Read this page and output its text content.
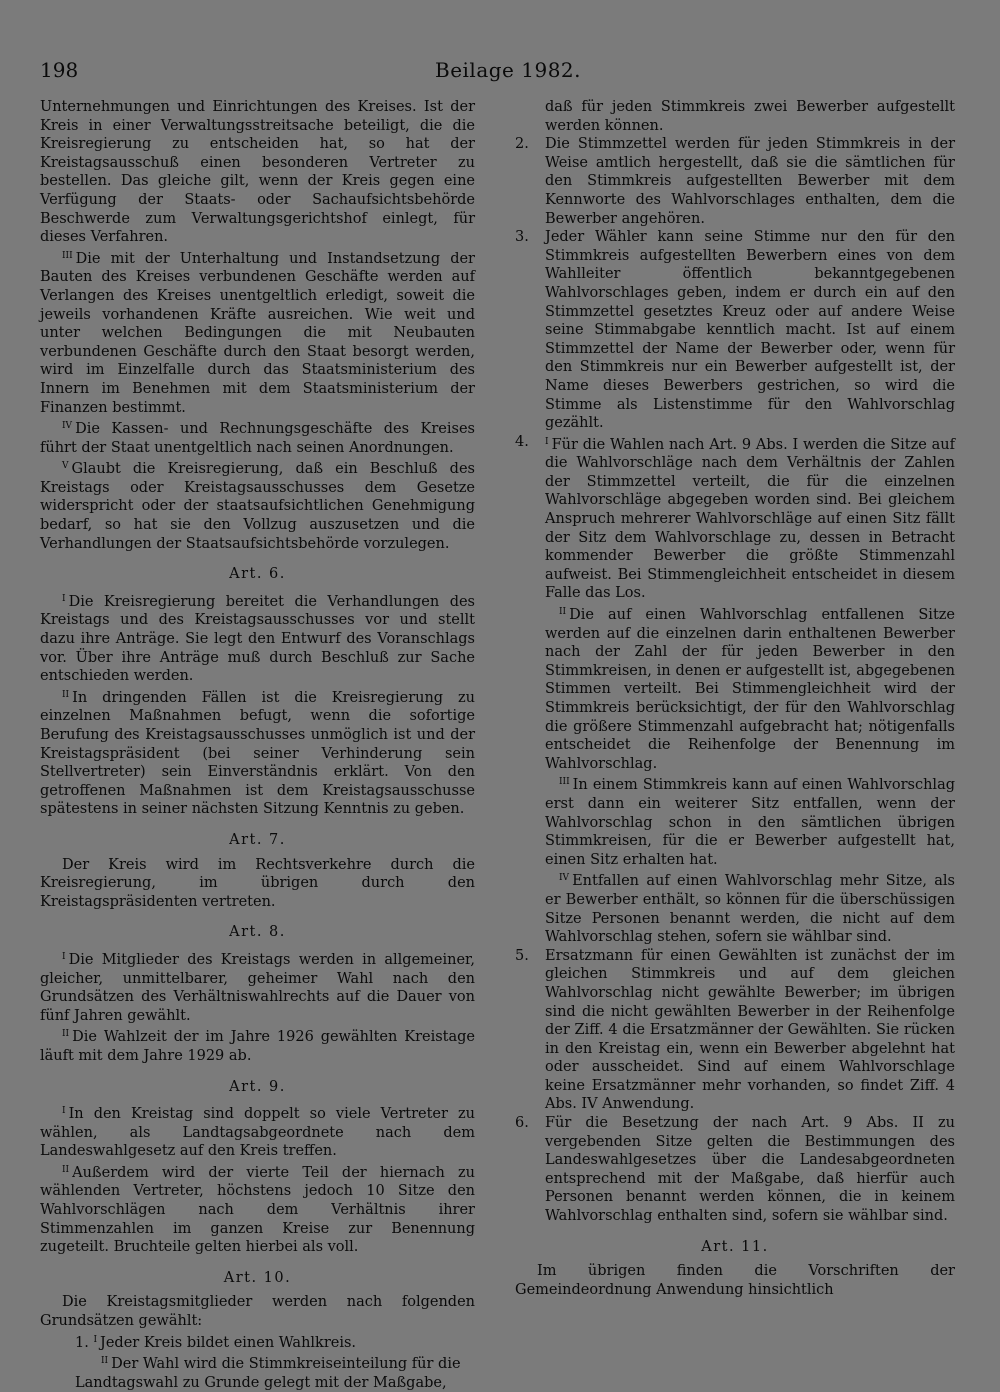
198	Beilage 1982.

Unternehmungen und Einrichtungen des Kreises. Ist der Kreis in einer Verwaltungsstreitsache beteiligt, die die Kreisregierung zu entscheiden hat, so hat der Kreistagsausschuß einen besonderen Vertreter zu bestellen. Das gleiche gilt, wenn der Kreis gegen eine Verfügung der Staats- oder Sachaufsichtsbehörde Beschwerde zum Verwaltungsgerichtshof einlegt, für dieses Verfahren.

$^{III}$ Die mit der Unterhaltung und Instandsetzung der Bauten des Kreises verbundenen Geschäfte werden auf Verlangen des Kreises unentgeltlich erledigt, soweit die jeweils vorhandenen Kräfte ausreichen. Wie weit und unter welchen Bedingungen die mit Neubauten verbundenen Geschäfte durch den Staat besorgt werden, wird im Einzelfalle durch das Staatsministerium des Innern im Benehmen mit dem Staatsministerium der Finanzen bestimmt.

$^{IV}$ Die Kassen- und Rechnungsgeschäfte des Kreises führt der Staat unentgeltlich nach seinen Anordnungen.

$^V$ Glaubt die Kreisregierung, daß ein Beschluß des Kreistags oder Kreistagsausschusses dem Gesetze widerspricht oder der staatsaufsichtlichen Genehmigung bedarf, so hat sie den Vollzug auszusetzen und die Verhandlungen der Staatsaufsichtsbehörde vorzulegen.

Art. 6.

$^I$ Die Kreisregierung bereitet die Verhandlungen des Kreistags und des Kreistagsausschusses vor und stellt dazu ihre Anträge. Sie legt den Entwurf des Voranschlags vor. Über ihre Anträge muß durch Beschluß zur Sache entschieden werden.

$^{II}$ In dringenden Fällen ist die Kreisregierung zu einzelnen Maßnahmen befugt, wenn die sofortige Berufung des Kreistagsausschusses unmöglich ist und der Kreistagspräsident (bei seiner Verhinderung sein Stellvertreter) sein Einverständnis erklärt. Von den getroffenen Maßnahmen ist dem Kreistagsausschusse spätestens in seiner nächsten Sitzung Kenntnis zu geben.

Art. 7.

Der Kreis wird im Rechtsverkehre durch die Kreisregierung, im übrigen durch den Kreistagspräsidenten vertreten.

Art. 8.

$^I$ Die Mitglieder des Kreistags werden in allgemeiner, gleicher, unmittelbarer, geheimer Wahl nach den Grundsätzen des Verhältniswahlrechts auf die Dauer von fünf Jahren gewählt.

$^{II}$ Die Wahlzeit der im Jahre 1926 gewählten Kreistage läuft mit dem Jahre 1929 ab.

Art. 9.

$^I$ In den Kreistag sind doppelt so viele Vertreter zu wählen, als Landtagsabgeordnete nach dem Landeswahlgesetz auf den Kreis treffen.

$^{II}$ Außerdem wird der vierte Teil der hiernach zu wählenden Vertreter, höchstens jedoch 10 Sitze den Wahlvorschlägen nach dem Verhältnis ihrer Stimmenzahlen im ganzen Kreise zur Benennung zugeteilt. Bruchteile gelten hierbei als voll.

Art. 10.

Die Kreistagsmitglieder werden nach folgenden Grundsätzen gewählt:

1. $^I$ Jeder Kreis bildet einen Wahlkreis.

$^{II}$ Der Wahl wird die Stimmkreiseinteilung für die Landtagswahl zu Grunde gelegt mit der Maßgabe,

daß für jeden Stimmkreis zwei Bewerber aufgestellt werden können.

2. Die Stimmzettel werden für jeden Stimmkreis in der Weise amtlich hergestellt, daß sie die sämtlichen für den Stimmkreis aufgestellten Bewerber mit dem Kennworte des Wahlvorschlages enthalten, dem die Bewerber angehören.

3. Jeder Wähler kann seine Stimme nur den für den Stimmkreis aufgestellten Bewerbern eines von dem Wahlleiter öffentlich bekanntgegebenen Wahlvorschlages geben, indem er durch ein auf den Stimmzettel gesetztes Kreuz oder auf andere Weise seine Stimmabgabe kenntlich macht. Ist auf einem Stimmzettel der Name der Bewerber oder, wenn für den Stimmkreis nur ein Bewerber aufgestellt ist, der Name dieses Bewerbers gestrichen, so wird die Stimme als Listenstimme für den Wahlvorschlag gezählt.

4. $^I$ Für die Wahlen nach Art. 9 Abs. I werden die Sitze auf die Wahlvorschläge nach dem Verhältnis der Zahlen der Stimmzettel verteilt, die für die einzelnen Wahlvorschläge abgegeben worden sind. Bei gleichem Anspruch mehrerer Wahlvorschläge auf einen Sitz fällt der Sitz dem Wahlvorschlage zu, dessen in Betracht kommender Bewerber die größte Stimmenzahl aufweist. Bei Stimmengleichheit entscheidet in diesem Falle das Los.

$^{II}$ Die auf einen Wahlvorschlag entfallenen Sitze werden auf die einzelnen darin enthaltenen Bewerber nach der Zahl der für jeden Bewerber in den Stimmkreisen, in denen er aufgestellt ist, abgegebenen Stimmen verteilt. Bei Stimmengleichheit wird der Stimmkreis berücksichtigt, der für den Wahlvorschlag die größere Stimmenzahl aufgebracht hat; nötigenfalls entscheidet die Reihenfolge der Benennung im Wahlvorschlag.

$^{III}$ In einem Stimmkreis kann auf einen Wahlvorschlag erst dann ein weiterer Sitz entfallen, wenn der Wahlvorschlag schon in den sämtlichen übrigen Stimmkreisen, für die er Bewerber aufgestellt hat, einen Sitz erhalten hat.

$^{IV}$ Entfallen auf einen Wahlvorschlag mehr Sitze, als er Bewerber enthält, so können für die überschüssigen Sitze Personen benannt werden, die nicht auf dem Wahlvorschlag stehen, sofern sie wählbar sind.

5. Ersatzmann für einen Gewählten ist zunächst der im gleichen Stimmkreis und auf dem gleichen Wahlvorschlag nicht gewählte Bewerber; im übrigen sind die nicht gewählten Bewerber in der Reihenfolge der Ziff. 4 die Ersatzmänner der Gewählten. Sie rücken in den Kreistag ein, wenn ein Bewerber abgelehnt hat oder ausscheidet. Sind auf einem Wahlvorschlage keine Ersatzmänner mehr vorhanden, so findet Ziff. 4 Abs. IV Anwendung.

6. Für die Besetzung der nach Art. 9 Abs. II zu vergebenden Sitze gelten die Bestimmungen des Landeswahlgesetzes über die Landesabgeordneten entsprechend mit der Maßgabe, daß hierfür auch Personen benannt werden können, die in keinem Wahlvorschlag enthalten sind, sofern sie wählbar sind.

Art. 11.

Im übrigen finden die Vorschriften der Gemeindeordnung Anwendung hinsichtlich
